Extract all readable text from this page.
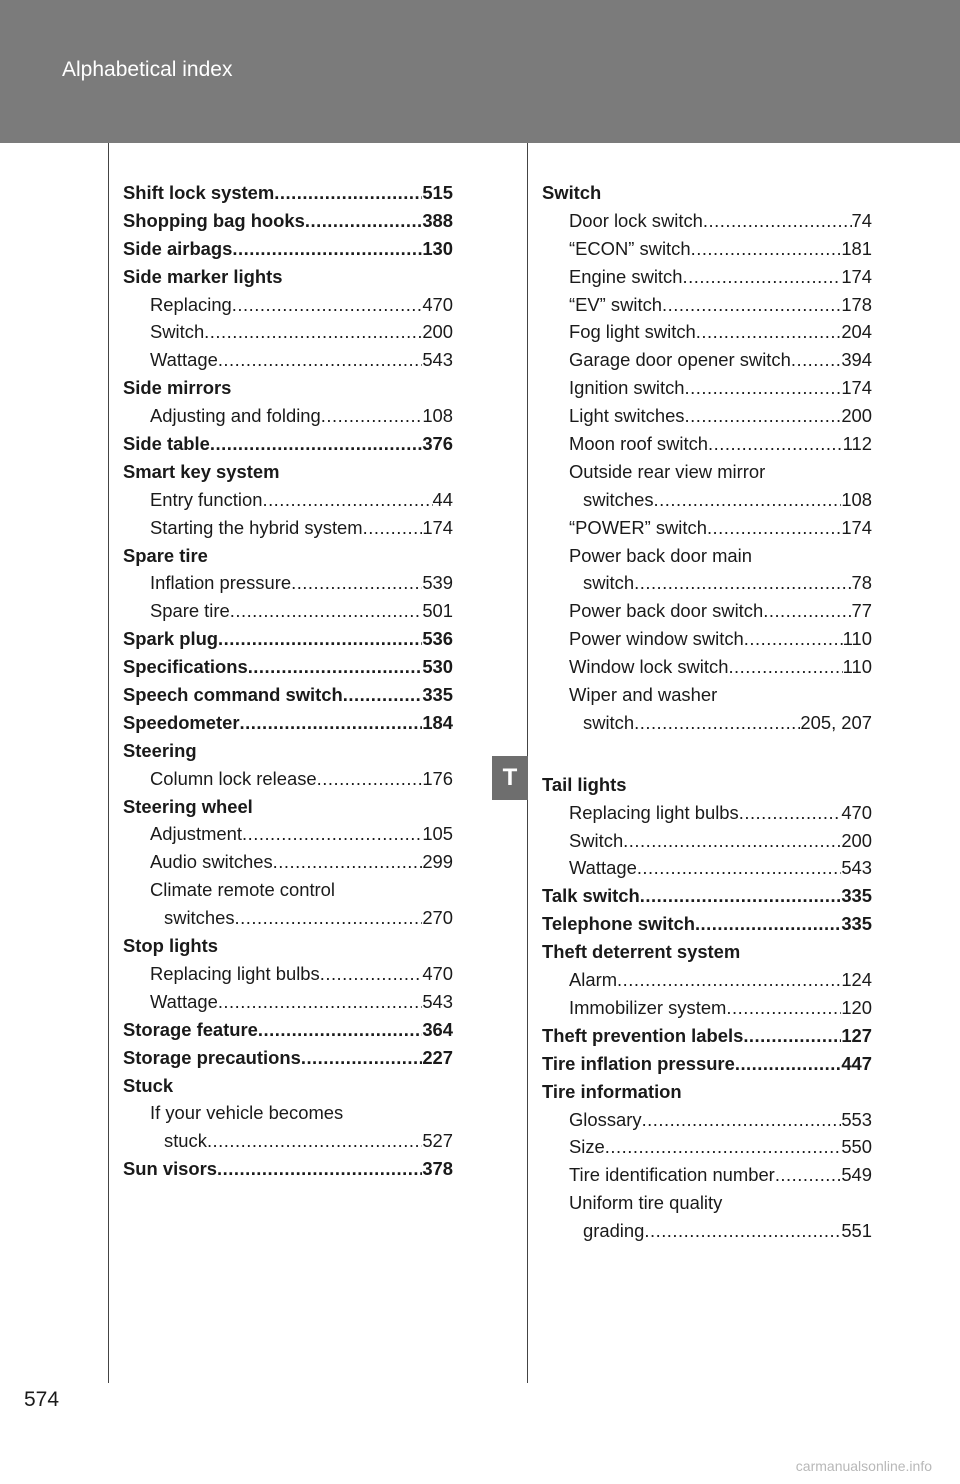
Alphabetical index
Shift lock system .....	515
Shopping bag hooks .....	388
Side airbags .....	130
Side marker lights
Replacing .....	470
Switch .....	200
Wattage .....	543
Side mirrors
Adjusting and folding .....	108
Side table .....	376
Smart key system
Entry function .....	44
Starting the hybrid system .....	174
Spare tire
Inflation pressure .....	539
Spare tire .....	501
Spark plug .....	536
Specifications .....	530
Speech command switch .....	335
Speedometer .....	184
Steering
Column lock release .....	176
Steering wheel
Adjustment .....	105
Audio switches .....	299
Climate remote control
switches .....	270
Stop lights
Replacing light bulbs .....	470
Wattage .....	543
Storage feature .....	364
Storage precautions .....	227
Stuck
If your vehicle becomes
stuck .....	527
Sun visors .....	378
Switch
Door lock switch .....	74
“ECON” switch .....	181
Engine switch .....	174
“EV” switch .....	178
Fog light switch .....	204
Garage door opener switch .....	394
Ignition switch .....	174
Light switches .....	200
Moon roof switch .....	112
Outside rear view mirror
switches .....	108
“POWER” switch .....	174
Power back door main
switch .....	78
Power back door switch .....	77
Power window switch .....	110
Window lock switch .....	110
Wiper and washer
switch .....	205, 207
Tail lights
Replacing light bulbs .....	470
Switch .....	200
Wattage .....	543
Talk switch .....	335
Telephone switch .....	335
Theft deterrent system
Alarm .....	124
Immobilizer system .....	120
Theft prevention labels .....	127
Tire inflation pressure .....	447
Tire information
Glossary .....	553
Size .....	550
Tire identification number .....	549
Uniform tire quality
grading .....	551
T
574
carmanualsonline.info
